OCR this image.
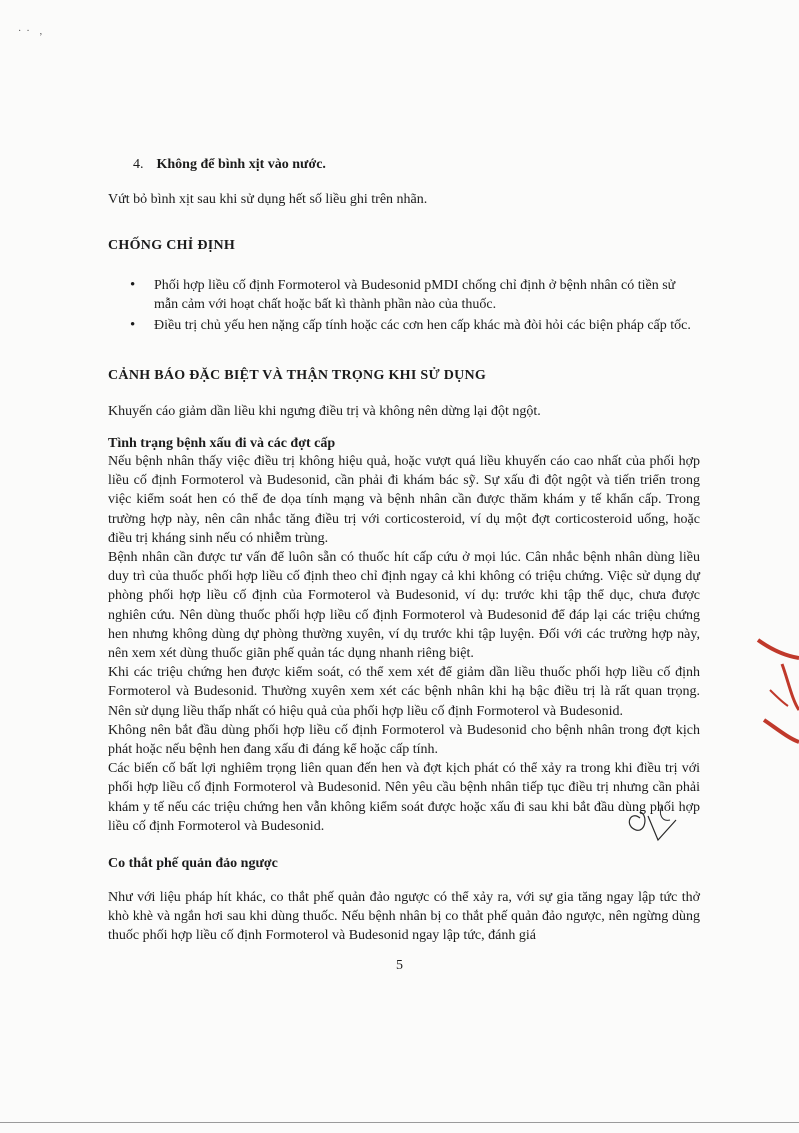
·  ·    ,
4. Không để bình xịt vào nước.
Vứt bỏ bình xịt sau khi sử dụng hết số liều ghi trên nhãn.
CHỐNG CHỈ ĐỊNH
• Phối hợp liều cố định Formoterol và Budesonid pMDI chống chỉ định ở bệnh nhân có tiền sử mẫn cảm với hoạt chất hoặc bất kì thành phần nào của thuốc.
• Điều trị chủ yếu hen nặng cấp tính hoặc các cơn hen cấp khác mà đòi hỏi các biện pháp cấp tốc.
CẢNH BÁO ĐẶC BIỆT VÀ THẬN TRỌNG KHI SỬ DỤNG
Khuyến cáo giảm dần liều khi ngưng điều trị và không nên dừng lại đột ngột.
Tình trạng bệnh xấu đi và các đợt cấp

Nếu bệnh nhân thấy việc điều trị không hiệu quả, hoặc vượt quá liều khuyến cáo cao nhất của phối hợp liều cố định Formoterol và Budesonid, cần phải đi khám bác sỹ. Sự xấu đi đột ngột và tiến triển trong việc kiểm soát hen có thể đe dọa tính mạng và bệnh nhân cần được thăm khám y tế khẩn cấp. Trong trường hợp này, nên cân nhắc tăng điều trị với corticosteroid, ví dụ một đợt corticosteroid uống, hoặc điều trị kháng sinh nếu có nhiễm trùng.

Bệnh nhân cần được tư vấn để luôn sẵn có thuốc hít cấp cứu ở mọi lúc. Cân nhắc bệnh nhân dùng liều duy trì của thuốc phối hợp liều cố định theo chỉ định ngay cả khi không có triệu chứng. Việc sử dụng dự phòng phối hợp liều cố định của Formoterol và Budesonid, ví dụ: trước khi tập thể dục, chưa được nghiên cứu. Nên dùng thuốc phối hợp liều cố định Formoterol và Budesonid để đáp lại các triệu chứng hen nhưng không dùng dự phòng thường xuyên, ví dụ trước khi tập luyện. Đối với các trường hợp này, nên xem xét dùng thuốc giãn phế quản tác dụng nhanh riêng biệt.

Khi các triệu chứng hen được kiểm soát, có thể xem xét để giảm dần liều thuốc phối hợp liều cố định Formoterol và Budesonid. Thường xuyên xem xét các bệnh nhân khi hạ bậc điều trị là rất quan trọng. Nên sử dụng liều thấp nhất có hiệu quả của phối hợp liều cố định Formoterol và Budesonid.

Không nên bắt đầu dùng phối hợp liều cố định Formoterol và Budesonid cho bệnh nhân trong đợt kịch phát hoặc nếu bệnh hen đang xấu đi đáng kể hoặc cấp tính.

Các biến cố bất lợi nghiêm trọng liên quan đến hen và đợt kịch phát có thể xảy ra trong khi điều trị với phối hợp liều cố định Formoterol và Budesonid. Nên yêu cầu bệnh nhân tiếp tục điều trị nhưng cần phải khám y tế nếu các triệu chứng hen vẫn không kiểm soát được hoặc xấu đi sau khi bắt đầu dùng phối hợp liều cố định Formoterol và Budesonid.

Co thắt phế quản đảo ngược
Như với liệu pháp hít khác, co thắt phế quản đảo ngược có thể xảy ra, với sự gia tăng ngay lập tức thở khò khè và ngắn hơi sau khi dùng thuốc. Nếu bệnh nhân bị co thắt phế quản đảo ngược, nên ngừng dùng thuốc phối hợp liều cố định Formoterol và Budesonid ngay lập tức, đánh giá
5
